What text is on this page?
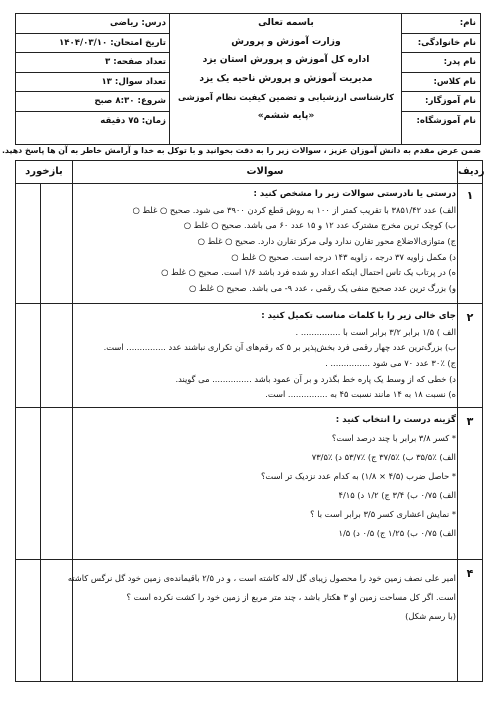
نام:
نام خانوادگی:
نام پدر:
نام کلاس:
نام آموزگار:
نام آموزشگاه:
باسمه تعالی
وزارت آموزش و پرورش
اداره کل آموزش و پرورش استان یزد
مدیریت آموزش و پرورش ناحیه یک یزد
کارشناسی ارزشیابی و تضمین کیفیت نظام آموزشی
«پایه ششم»
درس: ریاضی
تاریخ امتحان: ۱۴۰۴/۰۳/۱۰
تعداد صفحه: ۳
تعداد سوال: ۱۳
شروع: ۸:۳۰ صبح
زمان: ۷۵ دقیقه
ضمن عرض مقدم به دانش آموزان عزیز ، سوالات زیر را به دقت بخوانید و با توکل به خدا و آرامش خاطر به آن ها پاسخ دهید.
ردیف
سوالات
بازخورد
۱
درستی یا نادرستی سوالات زیر را مشخص کنید :
الف) عدد ۳۸۵۱/۴۲ با تقریب کمتر از ۱۰۰ به روش قطع کردن ۳۹۰۰ می شود. صحیح ○ غلط ○
ب) کوچک ترین مخرج مشترک عدد ۱۲ و ۱۵ عدد ۶۰ می باشد. صحیح ○ غلط ○
ج) متوازی‌الاضلاع محور تقارن ندارد ولی مرکز تقارن دارد. صحیح ○ غلط ○
د) مکمل زاویه ۳۷ درجه ، زاویه ۱۴۳ درجه است. صحیح ○ غلط ○
ه) در پرتاب یک تاس احتمال اینکه اعداد رو شده فرد باشد ۱/۶ است. صحیح ○ غلط ○
و) بزرگ ترین عدد صحیح منفی یک رقمی ، عدد ۹- می باشد. صحیح ○ غلط ○
۲
جای خالی زیر را با کلمات مناسب تکمیل کنید :
الف ) ۱/۵ برابر ۳/۲ برابر است با ............... .
ب) بزرگ‌ترین عدد چهار رقمی فرد بخش‌پذیر بر ۵ که رقم‌های آن تکراری نباشند عدد ............... است.
ج) ٪۳۰ عدد ۷۰ می شود ............... .
د) خطی که از وسط یک پاره خط بگذرد و بر آن عمود باشد ............... می گویند.
ه) نسبت ۱۸ به ۱۴ مانند نسبت ۴۵ به ............... است.
۳
گزینه درست را انتخاب کنید :
* کسر ۳/۸ برابر با چند درصد است؟
الف) ٪۳۵/۵ ب) ٪۳۷/۵ ج) ٪۵۳/۷ د) ٪۷۳/۵
* حاصل ضرب (۴/۵ × ۱/۸) به کدام عدد نزدیک تر است؟
الف) ۰/۷۵ ب) ۳/۴ ج) ۱/۲ د) ۴/۱۵
* نمایش اعشاری کسر ۳/۵ برابر است با ؟
الف) ۰/۷۵ ب) ۱/۲۵ ج) ۰/۵ د) ۱/۵
۴
امیر علی نصف زمین خود را محصول زیبای گل لاله کاشته است ، و در ۲/۵ باقیمانده‌ی زمین خود گل نرگس کاشته
است. اگر کل مساحت زمین او ۳ هکتار باشد ، چند متر مربع از زمین خود را کشت نکرده است ؟
(با رسم شکل)
